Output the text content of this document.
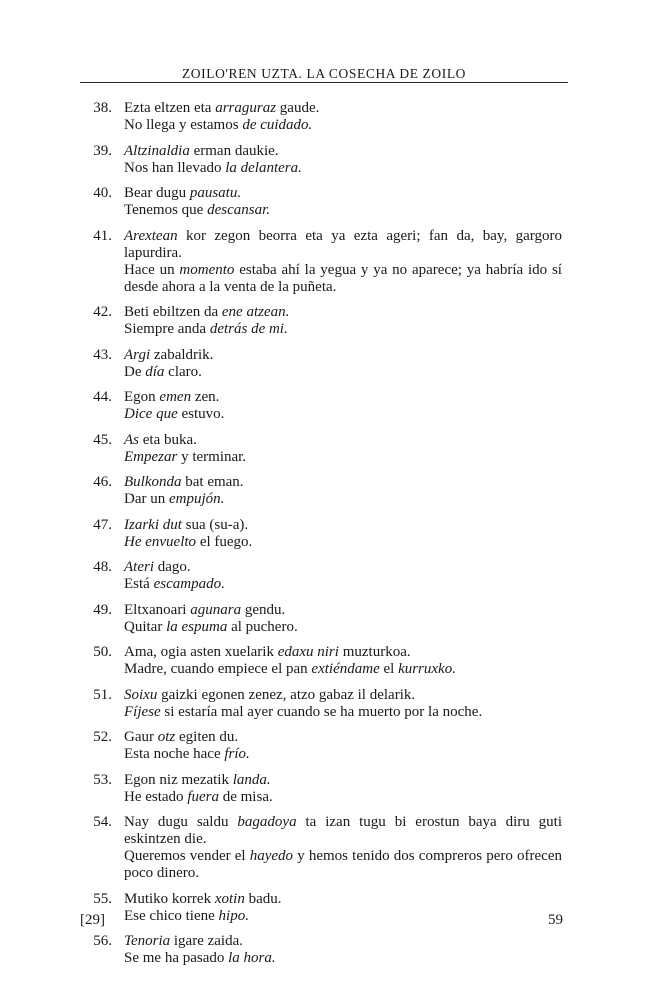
ZOILO'REN UZTA. LA COSECHA DE ZOILO
38. Ezta eltzen eta arraguraz gaude.
No llega y estamos de cuidado.
39. Altzinaldia erman daukie.
Nos han llevado la delantera.
40. Bear dugu pausatu.
Tenemos que descansar.
41. Arextean kor zegon beorra eta ya ezta ageri; fan da, bay, gargoro lapurdira.
Hace un momento estaba ahí la yegua y ya no aparece; ya habría ido sí desde ahora a la venta de la puñeta.
42. Beti ebiltzen da ene atzean.
Siempre anda detrás de mi.
43. Argi zabaldrik.
De día claro.
44. Egon emen zen.
Dice que estuvo.
45. As eta buka.
Empezar y terminar.
46. Bulkonda bat eman.
Dar un empujón.
47. Izarki dut sua (su-a).
He envuelto el fuego.
48. Ateri dago.
Está escampado.
49. Eltxanoari agunara gendu.
Quitar la espuma al puchero.
50. Ama, ogia asten xuelarik edaxu niri muzturkoa.
Madre, cuando empiece el pan extiéndame el kurruxko.
51. Soixu gaizki egonen zenez, atzo gabaz il delarik.
Fíjese si estaría mal ayer cuando se ha muerto por la noche.
52. Gaur otz egiten du.
Esta noche hace frío.
53. Egon niz mezatik landa.
He estado fuera de misa.
54. Nay dugu saldu bagadoya ta izan tugu bi erostun baya diru guti eskintzen die.
Queremos vender el hayedo y hemos tenido dos compreros pero ofrecen poco dinero.
55. Mutiko korrek xotin badu.
Ese chico tiene hipo.
56. Tenoria igare zaida.
Se me ha pasado la hora.
[29]	59
